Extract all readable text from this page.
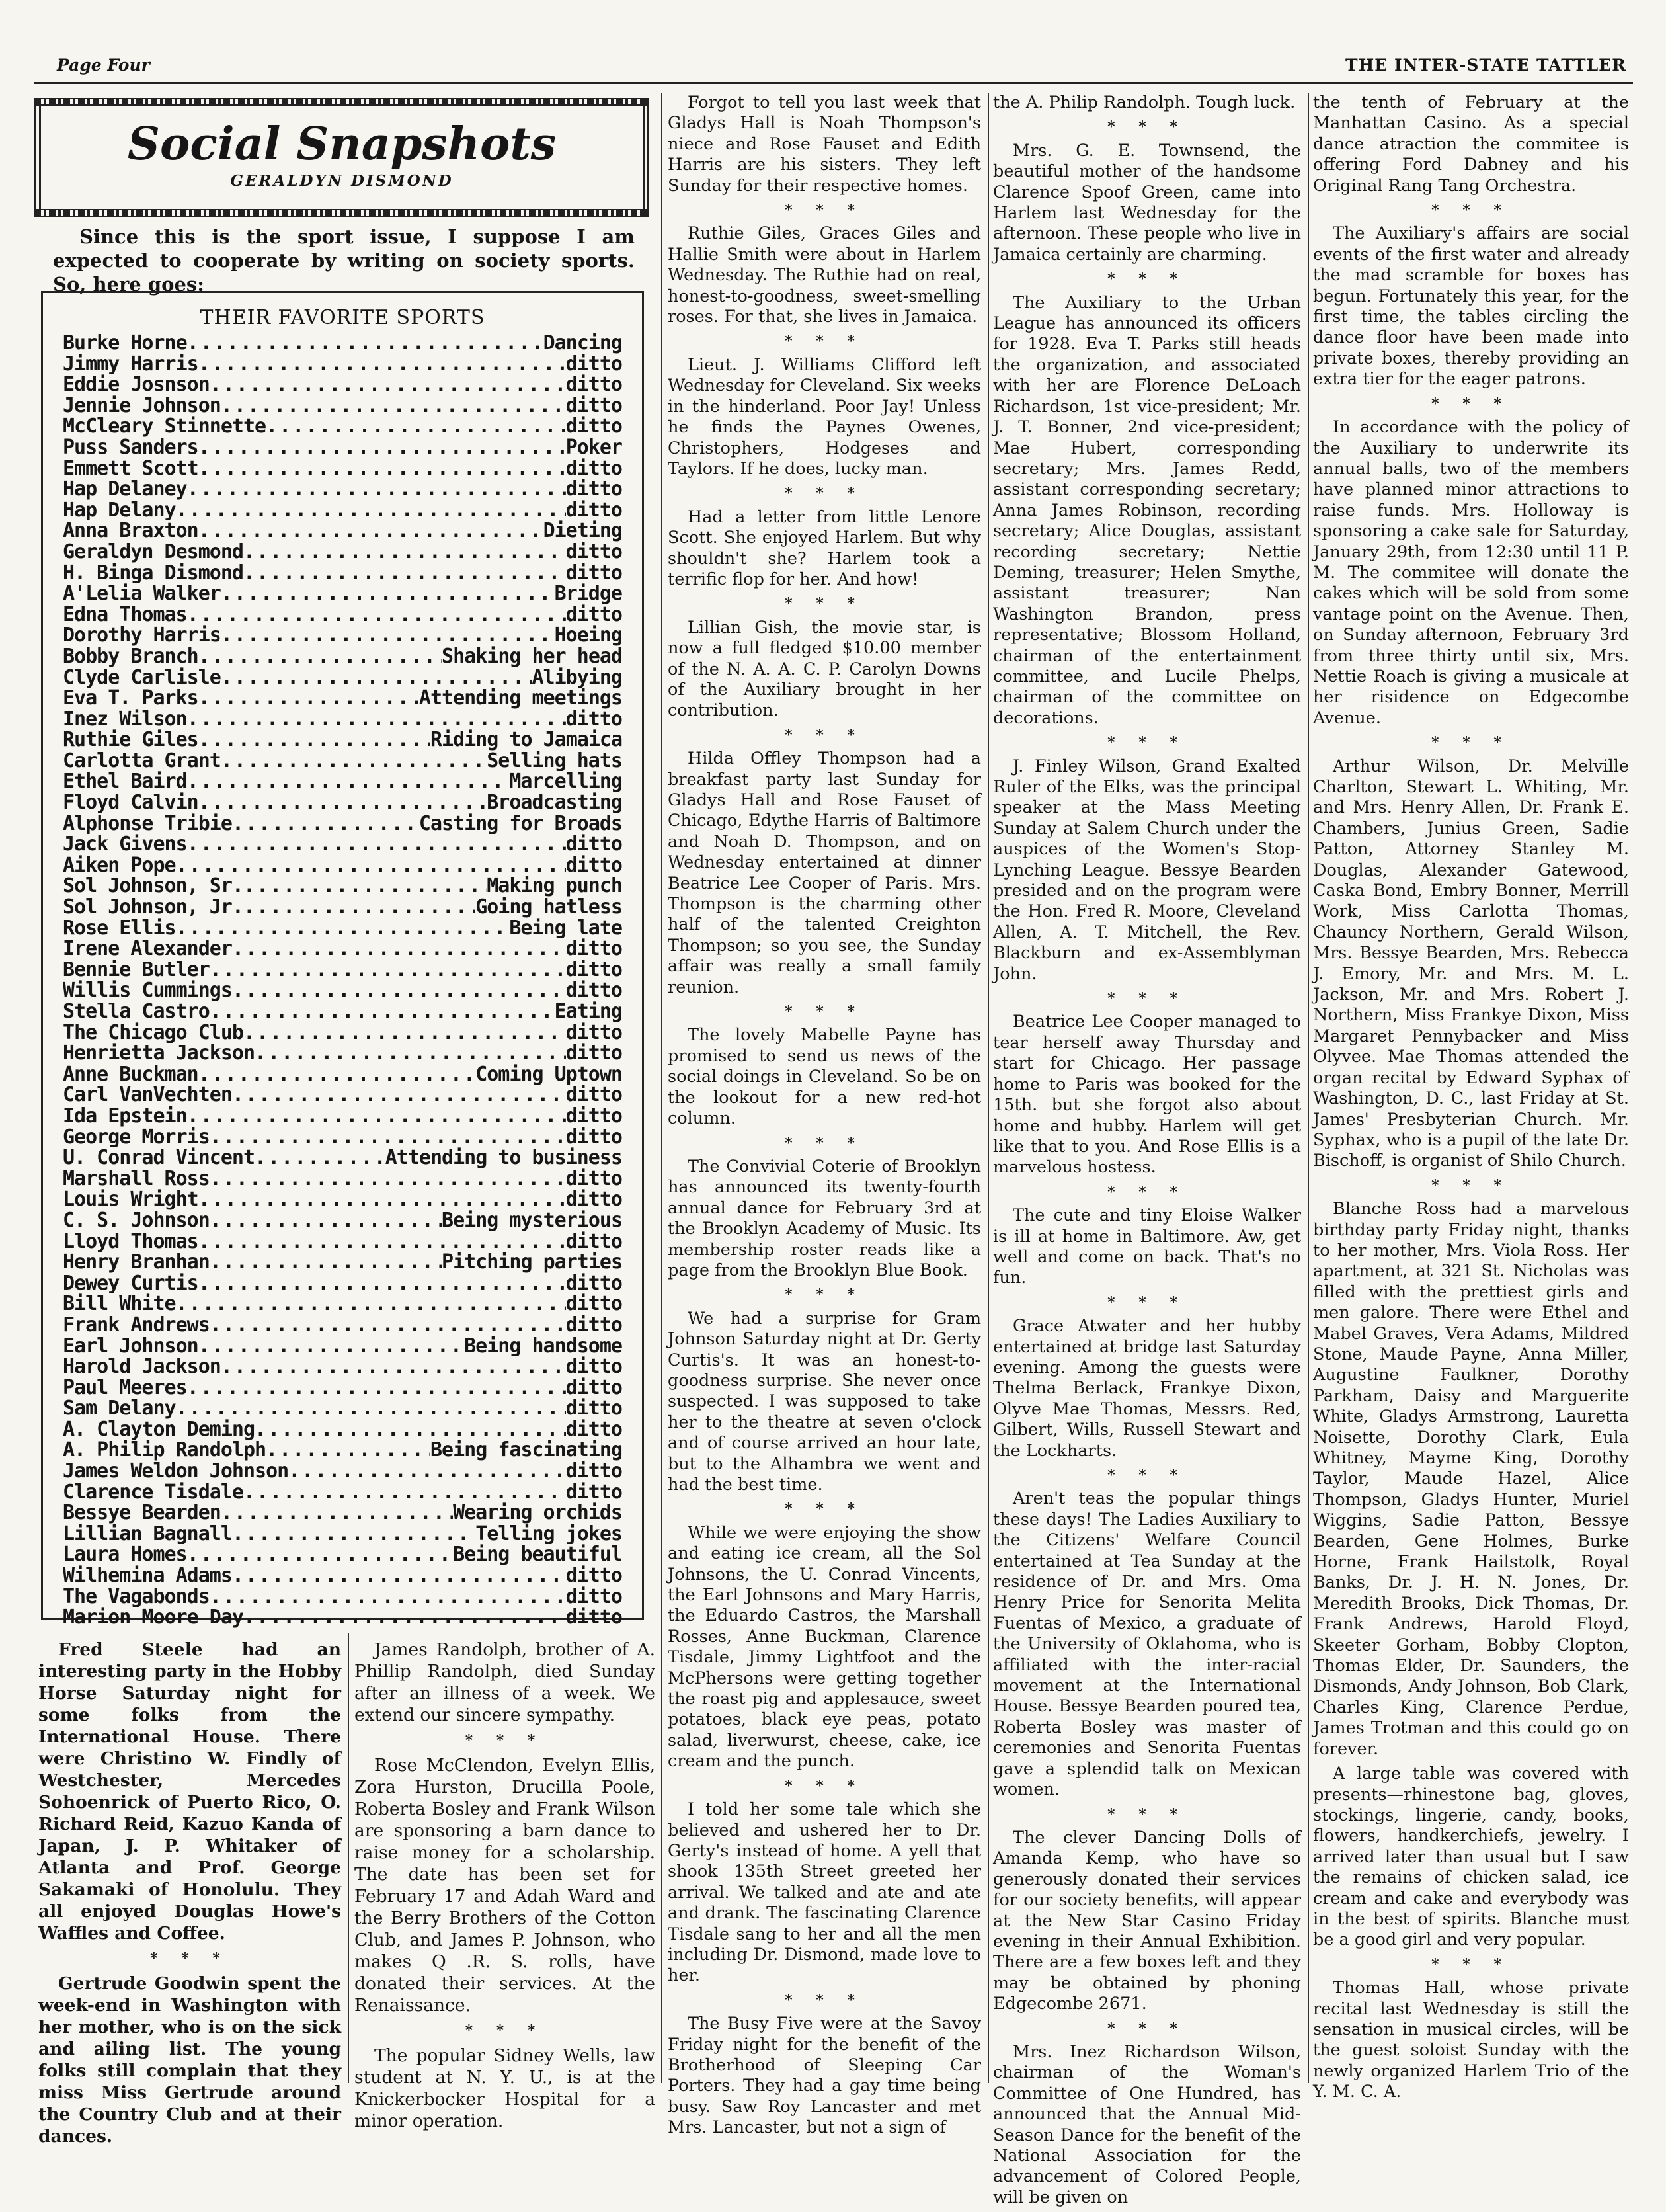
Page Four	THE INTER-STATE TATTLER
Social Snapshots
GERALDYN DISMOND
Since this is the sport issue, I suppose I am expected to cooperate by writing on society sports. So, here goes:
THEIR FAVORITE SPORTS
Burke Horne .....	Dancing
Jimmy Harris .....	ditto
Eddie Josnson .....	ditto
Jennie Johnson .....	ditto
McCleary Stinnette .....	ditto
Puss Sanders .....	Poker
Emmett Scott .....	ditto
Hap Delaney .....	ditto
Hap Delany .....	ditto
Anna Braxton .....	Dieting
Geraldyn Desmond .....	ditto
H. Binga Dismond .....	ditto
A'Lelia Walker .....	Bridge
Edna Thomas .....	ditto
Dorothy Harris .....	Hoeing
Bobby Branch .....	Shaking her head
Clyde Carlisle .....	Alibying
Eva T. Parks .....	Attending meetings
Inez Wilson .....	ditto
Ruthie Giles .....	Riding to Jamaica
Carlotta Grant .....	Selling hats
Ethel Baird .....	Marcelling
Floyd Calvin .....	Broadcasting
Alphonse Tribie .....	Casting for Broads
Jack Givens .....	ditto
Aiken Pope .....	ditto
Sol Johnson, Sr. .....	Making punch
Sol Johnson, Jr. .....	Going hatless
Rose Ellis .....	Being late
Irene Alexander .....	ditto
Bennie Butler .....	ditto
Willis Cummings .....	ditto
Stella Castro .....	Eating
The Chicago Club .....	ditto
Henrietta Jackson .....	ditto
Anne Buckman .....	Coming Uptown
Carl VanVechten .....	ditto
Ida Epstein .....	ditto
George Morris .....	ditto
U. Conrad Vincent .....	Attending to business
Marshall Ross .....	ditto
Louis Wright .....	ditto
C. S. Johnson .....	Being mysterious
Lloyd Thomas .....	ditto
Henry Branhan .....	Pitching parties
Dewey Curtis .....	ditto
Bill White .....	ditto
Frank Andrews .....	ditto
Earl Johnson .....	Being handsome
Harold Jackson .....	ditto
Paul Meeres .....	ditto
Sam Delany .....	ditto
A. Clayton Deming .....	ditto
A. Philip Randolph .....	Being fascinating
James Weldon Johnson .....	ditto
Clarence Tisdale .....	ditto
Bessye Bearden .....	Wearing orchids
Lillian Bagnall .....	Telling jokes
Laura Homes .....	Being beautiful
Wilhemina Adams .....	ditto
The Vagabonds .....	ditto
Marion Moore Day .....	ditto

Fred Steele had an interesting party in the Hobby Horse Saturday night for some folks from the International House. There were Christino W. Findly of Westchester, Mercedes Sohoenrick of Puerto Rico, O. Richard Reid, Kazuo Kanda of Japan, J. P. Whitaker of Atlanta and Prof. George Sakamaki of Honolulu. They all enjoyed Douglas Howe's Waffles and Coffee.

* * *

Gertrude Goodwin spent the week-end in Washington with her mother, who is on the sick and ailing list. The young folks still complain that they miss Miss Gertrude around the Country Club and at their dances.

James Randolph, brother of A. Phillip Randolph, died Sunday after an illness of a week. We extend our sincere sympathy.

* * *

Rose McClendon, Evelyn Ellis, Zora Hurston, Drucilla Poole, Roberta Bosley and Frank Wilson are sponsoring a barn dance to raise money for a scholarship. The date has been set for February 17 and Adah Ward and the Berry Brothers of the Cotton Club, and James P. Johnson, who makes Q .R. S. rolls, have donated their services. At the Renaissance.

* * *

The popular Sidney Wells, law student at N. Y. U., is at the Knickerbocker Hospital for a minor operation.

Forgot to tell you last week that Gladys Hall is Noah Thompson's niece and Rose Fauset and Edith Harris are his sisters. They left Sunday for their respective homes.

* * *

Ruthie Giles, Graces Giles and Hallie Smith were about in Harlem Wednesday. The Ruthie had on real, honest-to-goodness, sweet-smelling roses. For that, she lives in Jamaica.

* * *

Lieut. J. Williams Clifford left Wednesday for Cleveland. Six weeks in the hinderland. Poor Jay! Unless he finds the Paynes Owenes, Christophers, Hodgeses and Taylors. If he does, lucky man.

* * *

Had a letter from little Lenore Scott. She enjoyed Harlem. But why shouldn't she? Harlem took a terrific flop for her. And how!

* * *

Lillian Gish, the movie star, is now a full fledged $10.00 member of the N. A. A. C. P. Carolyn Downs of the Auxiliary brought in her contribution.

* * *

Hilda Offley Thompson had a breakfast party last Sunday for Gladys Hall and Rose Fauset of Chicago, Edythe Harris of Baltimore and Noah D. Thompson, and on Wednesday entertained at dinner Beatrice Lee Cooper of Paris. Mrs. Thompson is the charming other half of the talented Creighton Thompson; so you see, the Sunday affair was really a small family reunion.

* * *

The lovely Mabelle Payne has promised to send us news of the social doings in Cleveland. So be on the lookout for a new red-hot column.

* * *

The Convivial Coterie of Brooklyn has announced its twenty-fourth annual dance for February 3rd at the Brooklyn Academy of Music. Its membership roster reads like a page from the Brooklyn Blue Book.

* * *

We had a surprise for Gram Johnson Saturday night at Dr. Gerty Curtis's. It was an honest-to-goodness surprise. She never once suspected. I was supposed to take her to the theatre at seven o'clock and of course arrived an hour late, but to the Alhambra we went and had the best time.

* * *

While we were enjoying the show and eating ice cream, all the Sol Johnsons, the U. Conrad Vincents, the Earl Johnsons and Mary Harris, the Eduardo Castros, the Marshall Rosses, Anne Buckman, Clarence Tisdale, Jimmy Lightfoot and the McPhersons were getting together the roast pig and applesauce, sweet potatoes, black eye peas, potato salad, liverwurst, cheese, cake, ice cream and the punch.

* * *

I told her some tale which she believed and ushered her to Dr. Gerty's instead of home. A yell that shook 135th Street greeted her arrival. We talked and ate and ate and drank. The fascinating Clarence Tisdale sang to her and all the men including Dr. Dismond, made love to her.

* * *

The Busy Five were at the Savoy Friday night for the benefit of the Brotherhood of Sleeping Car Porters. They had a gay time being busy. Saw Roy Lancaster and met Mrs. Lancaster, but not a sign of

the A. Philip Randolph. Tough luck.

* * *

Mrs. G. E. Townsend, the beautiful mother of the handsome Clarence Spoof Green, came into Harlem last Wednesday for the afternoon. These people who live in Jamaica certainly are charming.

* * *

The Auxiliary to the Urban League has announced its officers for 1928. Eva T. Parks still heads the organization, and associated with her are Florence DeLoach Richardson, 1st vice-president; Mr. J. T. Bonner, 2nd vice-president; Mae Hubert, corresponding secretary; Mrs. James Redd, assistant corresponding secretary; Anna James Robinson, recording secretary; Alice Douglas, assistant recording secretary; Nettie Deming, treasurer; Helen Smythe, assistant treasurer; Nan Washington Brandon, press representative; Blossom Holland, chairman of the entertainment committee, and Lucile Phelps, chairman of the committee on decorations.

* * *

J. Finley Wilson, Grand Exalted Ruler of the Elks, was the principal speaker at the Mass Meeting Sunday at Salem Church under the auspices of the Women's Stop-Lynching League. Bessye Bearden presided and on the program were the Hon. Fred R. Moore, Cleveland Allen, A. T. Mitchell, the Rev. Blackburn and ex-Assemblyman John.

* * *

Beatrice Lee Cooper managed to tear herself away Thursday and start for Chicago. Her passage home to Paris was booked for the 15th. but she forgot also about home and hubby. Harlem will get like that to you. And Rose Ellis is a marvelous hostess.

* * *

The cute and tiny Eloise Walker is ill at home in Baltimore. Aw, get well and come on back. That's no fun.

* * *

Grace Atwater and her hubby entertained at bridge last Saturday evening. Among the guests were Thelma Berlack, Frankye Dixon, Olyve Mae Thomas, Messrs. Red, Gilbert, Wills, Russell Stewart and the Lockharts.

* * *

Aren't teas the popular things these days! The Ladies Auxiliary to the Citizens' Welfare Council entertained at Tea Sunday at the residence of Dr. and Mrs. Oma Henry Price for Senorita Melita Fuentas of Mexico, a graduate of the University of Oklahoma, who is affiliated with the inter-racial movement at the International House. Bessye Bearden poured tea, Roberta Bosley was master of ceremonies and Senorita Fuentas gave a splendid talk on Mexican women.

* * *

The clever Dancing Dolls of Amanda Kemp, who have so generously donated their services for our society benefits, will appear at the New Star Casino Friday evening in their Annual Exhibition. There are a few boxes left and they may be obtained by phoning Edgecombe 2671.

* * *

Mrs. Inez Richardson Wilson, chairman of the Woman's Committee of One Hundred, has announced that the Annual Mid-Season Dance for the benefit of the National Association for the advancement of Colored People, will be given on

the tenth of February at the Manhattan Casino. As a special dance atraction the commitee is offering Ford Dabney and his Original Rang Tang Orchestra.

* * *

The Auxiliary's affairs are social events of the first water and already the mad scramble for boxes has begun. Fortunately this year, for the first time, the tables circling the dance floor have been made into private boxes, thereby providing an extra tier for the eager patrons.

* * *

In accordance with the policy of the Auxiliary to underwrite its annual balls, two of the members have planned minor attractions to raise funds. Mrs. Holloway is sponsoring a cake sale for Saturday, January 29th, from 12:30 until 11 P. M. The commitee will donate the cakes which will be sold from some vantage point on the Avenue. Then, on Sunday afternoon, February 3rd from three thirty until six, Mrs. Nettie Roach is giving a musicale at her risidence on Edgecombe Avenue.

* * *

Arthur Wilson, Dr. Melville Charlton, Stewart L. Whiting, Mr. and Mrs. Henry Allen, Dr. Frank E. Chambers, Junius Green, Sadie Patton, Attorney Stanley M. Douglas, Alexander Gatewood, Caska Bond, Embry Bonner, Merrill Work, Miss Carlotta Thomas, Chauncy Northern, Gerald Wilson, Mrs. Bessye Bearden, Mrs. Rebecca J. Emory, Mr. and Mrs. M. L. Jackson, Mr. and Mrs. Robert J. Northern, Miss Frankye Dixon, Miss Margaret Pennybacker and Miss Olyvee. Mae Thomas attended the organ recital by Edward Syphax of Washington, D. C., last Friday at St. James' Presbyterian Church. Mr. Syphax, who is a pupil of the late Dr. Bischoff, is organist of Shilo Church.

* * *

Blanche Ross had a marvelous birthday party Friday night, thanks to her mother, Mrs. Viola Ross. Her apartment, at 321 St. Nicholas was filled with the prettiest girls and men galore. There were Ethel and Mabel Graves, Vera Adams, Mildred Stone, Maude Payne, Anna Miller, Augustine Faulkner, Dorothy Parkham, Daisy and Marguerite White, Gladys Armstrong, Lauretta Noisette, Dorothy Clark, Eula Whitney, Mayme King, Dorothy Taylor, Maude Hazel, Alice Thompson, Gladys Hunter, Muriel Wiggins, Sadie Patton, Bessye Bearden, Gene Holmes, Burke Horne, Frank Hailstolk, Royal Banks, Dr. J. H. N. Jones, Dr. Meredith Brooks, Dick Thomas, Dr. Frank Andrews, Harold Floyd, Skeeter Gorham, Bobby Clopton, Thomas Elder, Dr. Saunders, the Dismonds, Andy Johnson, Bob Clark, Charles King, Clarence Perdue, James Trotman and this could go on forever.

A large table was covered with presents—rhinestone bag, gloves, stockings, lingerie, candy, books, flowers, handkerchiefs, jewelry. I arrived later than usual but I saw the remains of chicken salad, ice cream and cake and everybody was in the best of spirits. Blanche must be a good girl and very popular.

* * *

Thomas Hall, whose private recital last Wednesday is still the sensation in musical circles, will be the guest soloist Sunday with the newly organized Harlem Trio of the Y. M. C. A.
